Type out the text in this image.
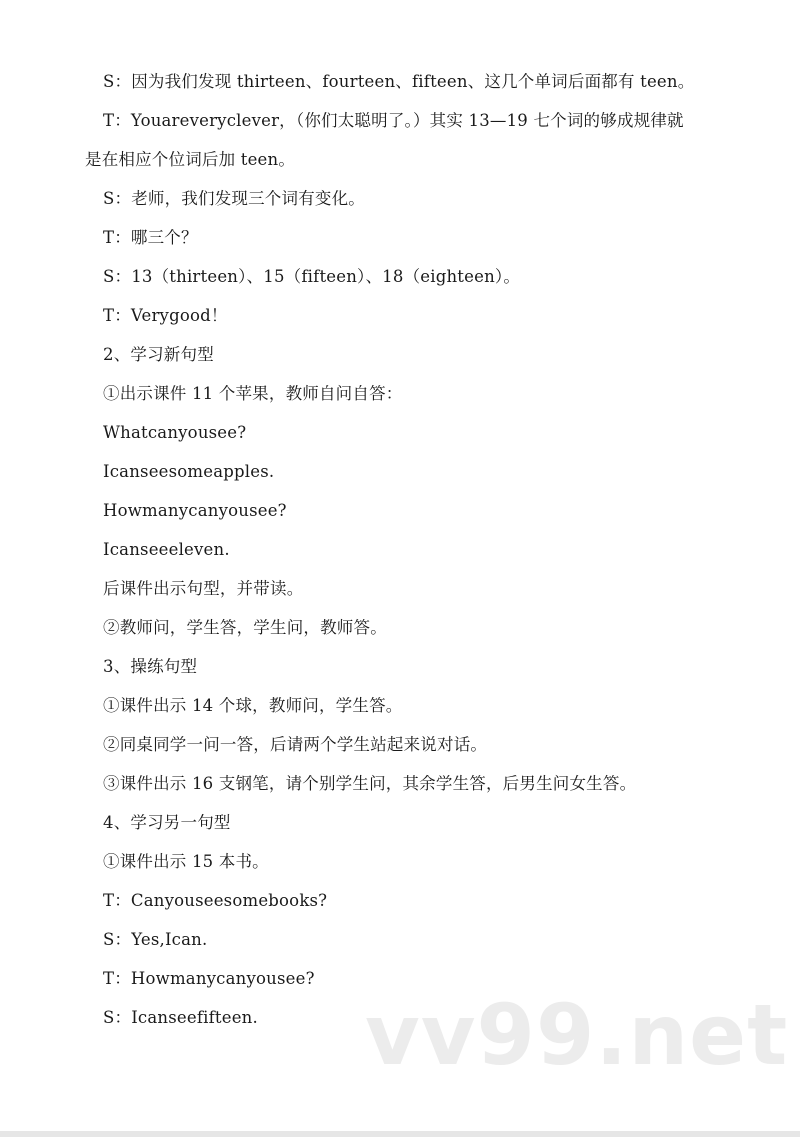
S：因为我们发现 thirteen、fourteen、fifteen、这几个单词后面都有 teen。
T：Youareveryclever，（你们太聪明了。）其实 13—19 七个词的够成规律就
是在相应个位词后加 teen。
S：老师，我们发现三个词有变化。
T：哪三个？
S：13（thirteen）、15（fifteen）、18（eighteen）。
T：Verygood！
2、学习新句型
①出示课件 11 个苹果，教师自问自答：
Whatcanyousee?
Icanseesomeapples.
Howmanycanyousee?
Icanseeeleven.
后课件出示句型，并带读。
②教师问，学生答，学生问，教师答。
3、操练句型
①课件出示 14 个球，教师问，学生答。
②同桌同学一问一答，后请两个学生站起来说对话。
③课件出示 16 支钢笔，请个别学生问，其余学生答，后男生问女生答。
4、学习另一句型
①课件出示 15 本书。
T：Canyouseesomebooks?
S：Yes,Ican.
T：Howmanycanyousee?
S：Icanseefifteen. vv99.net
